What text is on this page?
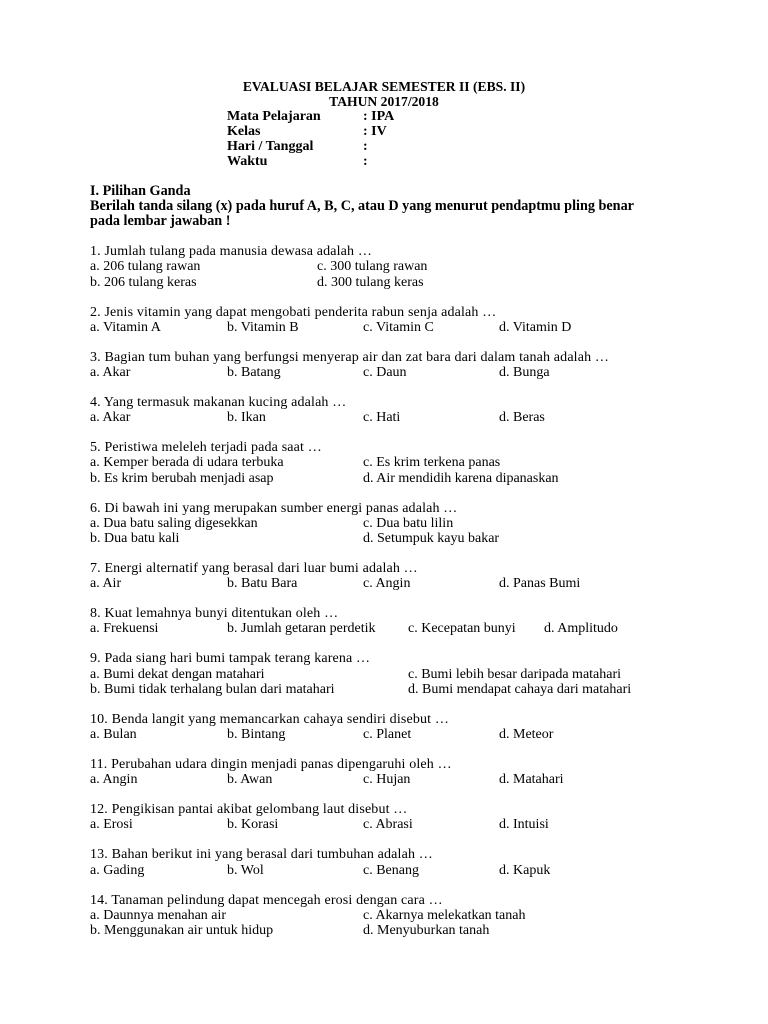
EVALUASI BELAJAR SEMESTER II (EBS. II)
TAHUN 2017/2018
Mata Pelajaran	: IPA
Kelas	: IV
Hari / Tanggal	:
Waktu	:
I. Pilihan Ganda
Berilah tanda silang (x) pada huruf A, B, C, atau D yang menurut pendaptmu pling benar
pada lembar jawaban !
1. Jumlah tulang pada manusia dewasa adalah …
a. 206 tulang rawan	c. 300 tulang rawan
b. 206 tulang keras	d. 300 tulang keras
2. Jenis vitamin yang dapat mengobati penderita rabun senja adalah …
a. Vitamin A	b. Vitamin B	c. Vitamin C	d. Vitamin D
3. Bagian tum buhan yang berfungsi menyerap air dan zat bara dari dalam tanah adalah …
a. Akar	b. Batang	c. Daun	d. Bunga
4. Yang termasuk makanan kucing adalah …
a. Akar	b. Ikan	c. Hati	d. Beras
5. Peristiwa meleleh terjadi pada saat …
a. Kemper berada di udara terbuka	c. Es krim terkena panas
b. Es krim berubah menjadi asap	d. Air mendidih karena dipanaskan
6. Di bawah ini yang merupakan sumber energi panas adalah …
a. Dua batu saling digesekkan	c. Dua batu lilin
b. Dua batu kali	d. Setumpuk kayu bakar
7. Energi alternatif yang berasal dari luar bumi adalah …
a. Air	b. Batu Bara	c. Angin	d. Panas Bumi
8. Kuat lemahnya bunyi ditentukan oleh …
a. Frekuensi	b. Jumlah getaran perdetik c. Kecepatan bunyi d. Amplitudo
9. Pada siang hari bumi tampak terang karena …
a. Bumi dekat dengan matahari	c. Bumi lebih besar daripada matahari
b. Bumi tidak terhalang bulan dari matahari	d. Bumi mendapat cahaya dari matahari
10. Benda langit yang memancarkan cahaya sendiri disebut …
a. Bulan	b. Bintang	c. Planet	d. Meteor
11. Perubahan udara dingin menjadi panas dipengaruhi oleh …
a. Angin	b. Awan	c. Hujan	d. Matahari
12. Pengikisan pantai akibat gelombang laut disebut …
a. Erosi	b. Korasi	c. Abrasi	d. Intuisi
13. Bahan berikut ini yang berasal dari tumbuhan adalah …
a. Gading	b. Wol	c. Benang	d. Kapuk
14. Tanaman pelindung dapat mencegah erosi dengan cara …
a. Daunnya menahan air	c. Akarnya melekatkan tanah
b. Menggunakan air untuk hidup	d. Menyuburkan tanah
